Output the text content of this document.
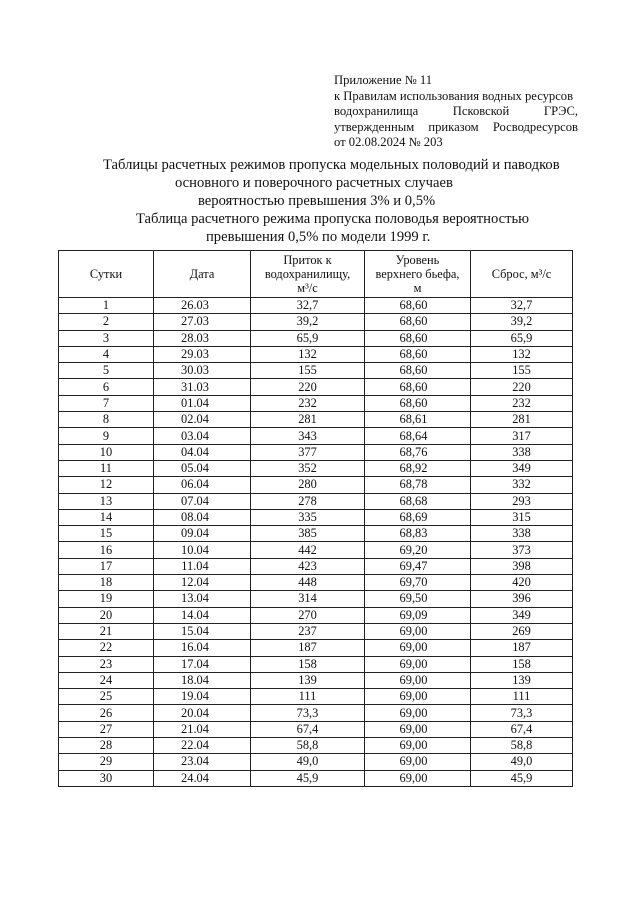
Приложение № 11
к Правилам использования водных ресурсов
водохранилища	Псковской	ГРЭС,
утвержденным приказом Росводресурсов
от 02.08.2024 № 203
Таблицы расчетных режимов пропуска модельных половодий и паводков
основного и поверочного расчетных случаев
вероятностью превышения 3% и 0,5%
Таблица расчетного режима пропуска половодья вероятностью
превышения 0,5% по модели 1999 г.
Сутки	Дата	Приток к
водохранилищу,
м³/с	Уровень
верхнего бьефа,
м	Сброс, м³/с
1	26.03	32,7	68,60	32,7
2	27.03	39,2	68,60	39,2
3	28.03	65,9	68,60	65,9
4	29.03	132	68,60	132
5	30.03	155	68,60	155
6	31.03	220	68,60	220
7	01.04	232	68,60	232
8	02.04	281	68,61	281
9	03.04	343	68,64	317
10	04.04	377	68,76	338
11	05.04	352	68,92	349
12	06.04	280	68,78	332
13	07.04	278	68,68	293
14	08.04	335	68,69	315
15	09.04	385	68,83	338
16	10.04	442	69,20	373
17	11.04	423	69,47	398
18	12.04	448	69,70	420
19	13.04	314	69,50	396
20	14.04	270	69,09	349
21	15.04	237	69,00	269
22	16.04	187	69,00	187
23	17.04	158	69,00	158
24	18.04	139	69,00	139
25	19.04	111	69,00	111
26	20.04	73,3	69,00	73,3
27	21.04	67,4	69,00	67,4
28	22.04	58,8	69,00	58,8
29	23.04	49,0	69,00	49,0
30	24.04	45,9	69,00	45,9
